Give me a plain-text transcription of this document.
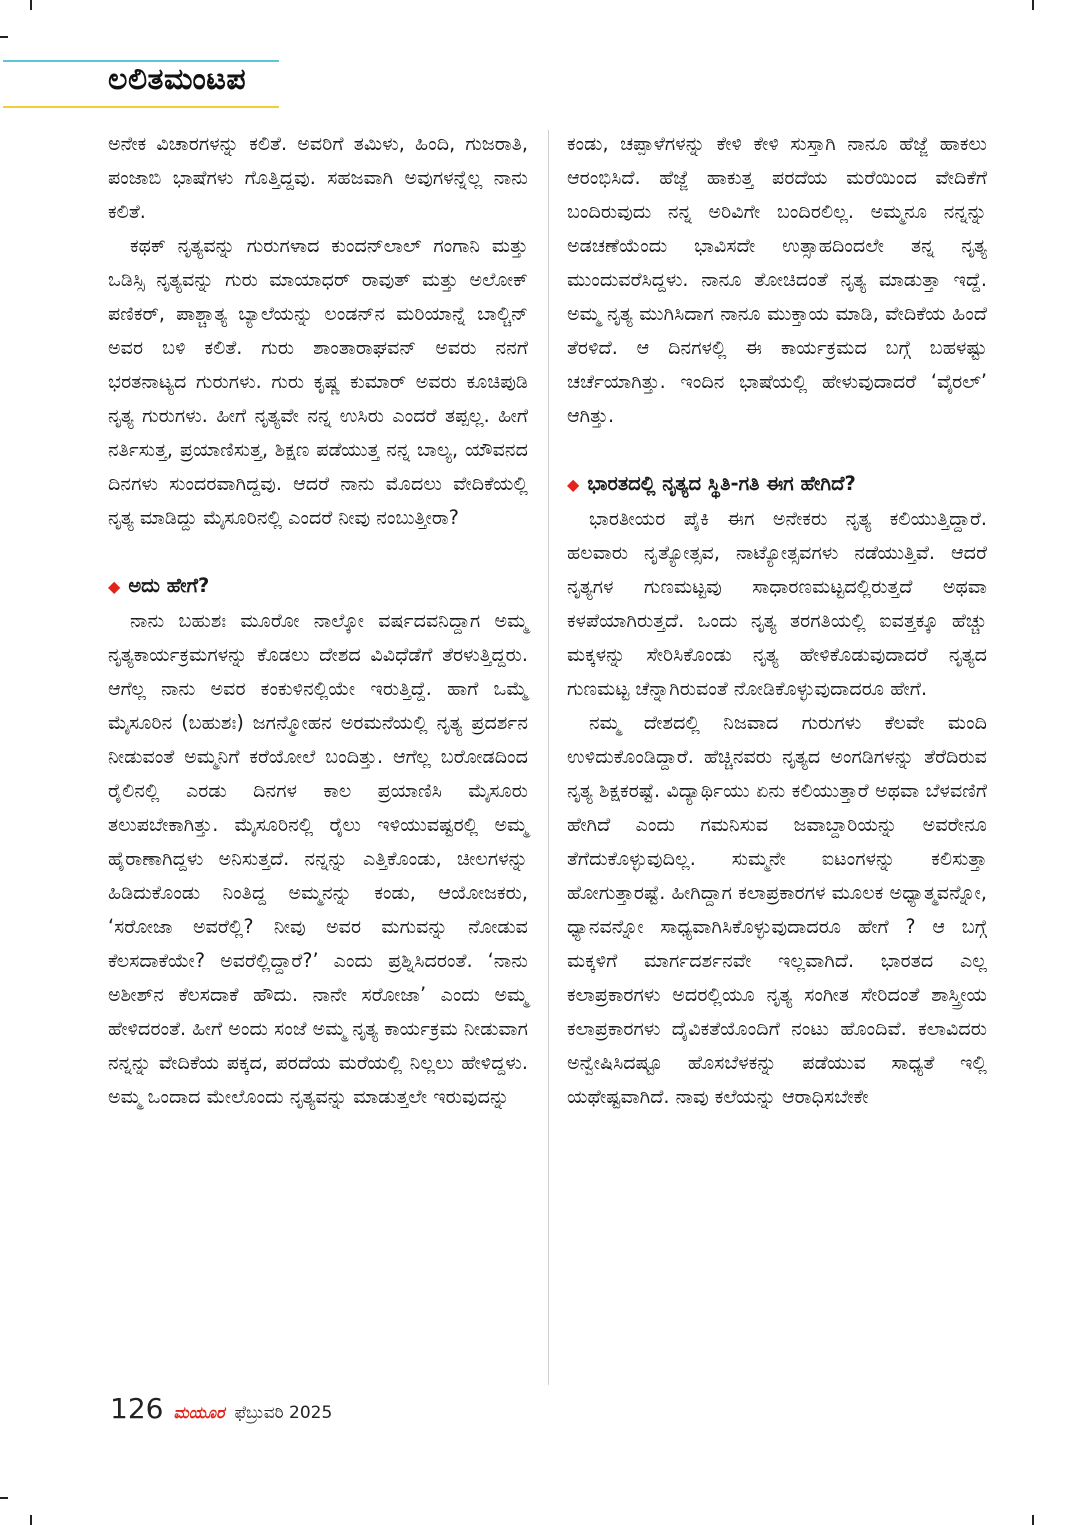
ಲಲಿತಮಂಟಪ

ಅನೇಕ ವಿಚಾರಗಳನ್ನು ಕಲಿತೆ. ಅವರಿಗೆ ತಮಿಳು, ಹಿಂದಿ, ಗುಜರಾತಿ, ಪಂಜಾಬಿ ಭಾಷೆಗಳು ಗೊತ್ತಿದ್ದವು. ಸಹಜವಾಗಿ ಅವುಗಳನ್ನೆಲ್ಲ ನಾನು ಕಲಿತೆ.

ಕಥಕ್ ನೃತ್ಯವನ್ನು ಗುರುಗಳಾದ ಕುಂದನ್‌ಲಾಲ್ ಗಂಗಾನಿ ಮತ್ತು ಒಡಿಸ್ಸಿ ನೃತ್ಯವನ್ನು ಗುರು ಮಾಯಾಧರ್ ರಾವುತ್ ಮತ್ತು ಅಲೋಕ್ ಪಣಿಕರ್, ಪಾಶ್ಚಾತ್ಯ ಬ್ಯಾಲೆಯನ್ನು ಲಂಡನ್‌ನ ಮರಿಯಾನ್ನೆ ಬಾಲ್ಚಿನ್ ಅವರ ಬಳಿ ಕಲಿತೆ. ಗುರು ಶಾಂತಾರಾಘವನ್ ಅವರು ನನಗೆ ಭರತನಾಟ್ಯದ ಗುರುಗಳು. ಗುರು ಕೃಷ್ಣ ಕುಮಾರ್ ಅವರು ಕೂಚಿಪುಡಿ ನೃತ್ಯ ಗುರುಗಳು. ಹೀಗೆ ನೃತ್ಯವೇ ನನ್ನ ಉಸಿರು ಎಂದರೆ ತಪ್ಪಲ್ಲ. ಹೀಗೆ ನರ್ತಿಸುತ್ತ, ಪ್ರಯಾಣಿಸುತ್ತ, ಶಿಕ್ಷಣ ಪಡೆಯುತ್ತ ನನ್ನ ಬಾಲ್ಯ, ಯೌವನದ ದಿನಗಳು ಸುಂದರವಾಗಿದ್ದವು. ಆದರೆ ನಾನು ಮೊದಲು ವೇದಿಕೆಯಲ್ಲಿ ನೃತ್ಯ ಮಾಡಿದ್ದು ಮೈಸೂರಿನಲ್ಲಿ ಎಂದರೆ ನೀವು ನಂಬುತ್ತೀರಾ?

◆ ಅದು ಹೇಗೆ?

ನಾನು ಬಹುಶಃ ಮೂರೋ ನಾಲ್ಕೋ ವರ್ಷದವನಿದ್ದಾಗ ಅಮ್ಮ ನೃತ್ಯಕಾರ್ಯಕ್ರಮಗಳನ್ನು ಕೊಡಲು ದೇಶದ ವಿವಿಧೆಡೆಗೆ ತೆರಳುತ್ತಿದ್ದರು. ಆಗೆಲ್ಲ ನಾನು ಅವರ ಕಂಕುಳಿನಲ್ಲಿಯೇ ಇರುತ್ತಿದ್ದೆ. ಹಾಗೆ ಒಮ್ಮೆ ಮೈಸೂರಿನ (ಬಹುಶಃ) ಜಗನ್ಮೋಹನ ಅರಮನೆಯಲ್ಲಿ ನೃತ್ಯ ಪ್ರದರ್ಶನ ನೀಡುವಂತೆ ಅಮ್ಮನಿಗೆ ಕರೆಯೋಲೆ ಬಂದಿತ್ತು. ಆಗೆಲ್ಲ ಬರೋಡದಿಂದ ರೈಲಿನಲ್ಲಿ ಎರಡು ದಿನಗಳ ಕಾಲ ಪ್ರಯಾಣಿಸಿ ಮೈಸೂರು ತಲುಪಬೇಕಾಗಿತ್ತು. ಮೈಸೂರಿನಲ್ಲಿ ರೈಲು ಇಳಿಯುವಷ್ಟರಲ್ಲಿ ಅಮ್ಮ ಹೈರಾಣಾಗಿದ್ದಳು ಅನಿಸುತ್ತದೆ. ನನ್ನನ್ನು ಎತ್ತಿಕೊಂಡು, ಚೀಲಗಳನ್ನು ಹಿಡಿದುಕೊಂಡು ನಿಂತಿದ್ದ ಅಮ್ಮನನ್ನು ಕಂಡು, ಆಯೋಜಕರು, ‘ಸರೋಜಾ ಅವರೆಲ್ಲಿ? ನೀವು ಅವರ ಮಗುವನ್ನು ನೋಡುವ ಕೆಲಸದಾಕೆಯೇ? ಅವರೆಲ್ಲಿದ್ದಾರೆ?’ ಎಂದು ಪ್ರಶ್ನಿಸಿದರಂತೆ. ‘ನಾನು ಅಶೀಶ್‌ನ ಕೆಲಸದಾಕೆ ಹೌದು. ನಾನೇ ಸರೋಜಾ’ ಎಂದು ಅಮ್ಮ ಹೇಳಿದರಂತೆ. ಹೀಗೆ ಅಂದು ಸಂಜೆ ಅಮ್ಮ ನೃತ್ಯ ಕಾರ್ಯಕ್ರಮ ನೀಡುವಾಗ ನನ್ನನ್ನು ವೇದಿಕೆಯ ಪಕ್ಕದ, ಪರದೆಯ ಮರೆಯಲ್ಲಿ ನಿಲ್ಲಲು ಹೇಳಿದ್ದಳು. ಅಮ್ಮ ಒಂದಾದ ಮೇಲೊಂದು ನೃತ್ಯವನ್ನು ಮಾಡುತ್ತಲೇ ಇರುವುದನ್ನು

ಕಂಡು, ಚಪ್ಪಾಳೆಗಳನ್ನು ಕೇಳಿ ಕೇಳಿ ಸುಸ್ತಾಗಿ ನಾನೂ ಹೆಜ್ಜೆ ಹಾಕಲು ಆರಂಭಿಸಿದೆ. ಹೆಜ್ಜೆ ಹಾಕುತ್ತ ಪರದೆಯ ಮರೆಯಿಂದ ವೇದಿಕೆಗೆ ಬಂದಿರುವುದು ನನ್ನ ಅರಿವಿಗೇ ಬಂದಿರಲಿಲ್ಲ. ಅಮ್ಮನೂ ನನ್ನನ್ನು ಅಡಚಣೆಯೆಂದು ಭಾವಿಸದೇ ಉತ್ಸಾಹದಿಂದಲೇ ತನ್ನ ನೃತ್ಯ ಮುಂದುವರೆಸಿದ್ದಳು. ನಾನೂ ತೋಚಿದಂತೆ ನೃತ್ಯ ಮಾಡುತ್ತಾ ಇದ್ದೆ. ಅಮ್ಮ ನೃತ್ಯ ಮುಗಿಸಿದಾಗ ನಾನೂ ಮುಕ್ತಾಯ ಮಾಡಿ, ವೇದಿಕೆಯ ಹಿಂದೆ ತೆರಳಿದೆ. ಆ ದಿನಗಳಲ್ಲಿ ಈ ಕಾರ್ಯಕ್ರಮದ ಬಗ್ಗೆ ಬಹಳಷ್ಟು ಚರ್ಚೆಯಾಗಿತ್ತು. ಇಂದಿನ ಭಾಷೆಯಲ್ಲಿ ಹೇಳುವುದಾದರೆ ‘ವೈರಲ್’ ಆಗಿತ್ತು.

◆ ಭಾರತದಲ್ಲಿ ನೃತ್ಯದ ಸ್ಥಿತಿ-ಗತಿ ಈಗ ಹೇಗಿದೆ?

ಭಾರತೀಯರ ಪೈಕಿ ಈಗ ಅನೇಕರು ನೃತ್ಯ ಕಲಿಯುತ್ತಿದ್ದಾರೆ. ಹಲವಾರು ನೃತ್ಯೋತ್ಸವ, ನಾಟ್ಯೋತ್ಸವಗಳು ನಡೆಯುತ್ತಿವೆ. ಆದರೆ ನೃತ್ಯಗಳ ಗುಣಮಟ್ಟವು ಸಾಧಾರಣಮಟ್ಟದಲ್ಲಿರುತ್ತದೆ ಅಥವಾ ಕಳಪೆಯಾಗಿರುತ್ತದೆ. ಒಂದು ನೃತ್ಯ ತರಗತಿಯಲ್ಲಿ ಐವತ್ತಕ್ಕೂ ಹೆಚ್ಚು ಮಕ್ಕಳನ್ನು ಸೇರಿಸಿಕೊಂಡು ನೃತ್ಯ ಹೇಳಿಕೊಡುವುದಾದರೆ ನೃತ್ಯದ ಗುಣಮಟ್ಟ ಚೆನ್ನಾಗಿರುವಂತೆ ನೋಡಿಕೊಳ್ಳುವುದಾದರೂ ಹೇಗೆ.

ನಮ್ಮ ದೇಶದಲ್ಲಿ ನಿಜವಾದ ಗುರುಗಳು ಕೆಲವೇ ಮಂದಿ ಉಳಿದುಕೊಂಡಿದ್ದಾರೆ. ಹೆಚ್ಚಿನವರು ನೃತ್ಯದ ಅಂಗಡಿಗಳನ್ನು ತೆರೆದಿರುವ ನೃತ್ಯ ಶಿಕ್ಷಕರಷ್ಟೆ. ವಿದ್ಯಾರ್ಥಿಯು ಏನು ಕಲಿಯುತ್ತಾರೆ ಅಥವಾ ಬೆಳವಣಿಗೆ ಹೇಗಿದೆ ಎಂದು ಗಮನಿಸುವ ಜವಾಬ್ದಾರಿಯನ್ನು ಅವರೇನೂ ತೆಗೆದುಕೊಳ್ಳುವುದಿಲ್ಲ. ಸುಮ್ಮನೇ ಐಟಂಗಳನ್ನು ಕಲಿಸುತ್ತಾ ಹೋಗುತ್ತಾರಷ್ಟೆ. ಹೀಗಿದ್ದಾಗ ಕಲಾಪ್ರಕಾರಗಳ ಮೂಲಕ ಅಧ್ಯಾತ್ಮವನ್ನೋ, ಧ್ಯಾನವನ್ನೋ ಸಾಧ್ಯವಾಗಿಸಿಕೊಳ್ಳುವುದಾದರೂ ಹೇಗೆ ? ಆ ಬಗ್ಗೆ ಮಕ್ಕಳಿಗೆ ಮಾರ್ಗದರ್ಶನವೇ ಇಲ್ಲವಾಗಿದೆ. ಭಾರತದ ಎಲ್ಲ ಕಲಾಪ್ರಕಾರಗಳು ಅದರಲ್ಲಿಯೂ ನೃತ್ಯ ಸಂಗೀತ ಸೇರಿದಂತೆ ಶಾಸ್ತ್ರೀಯ ಕಲಾಪ್ರಕಾರಗಳು ದೈವಿಕತೆಯೊಂದಿಗೆ ನಂಟು ಹೊಂದಿವೆ. ಕಲಾವಿದರು ಅನ್ವೇಷಿಸಿದಷ್ಟೂ ಹೊಸಬೆಳಕನ್ನು ಪಡೆಯುವ ಸಾಧ್ಯತೆ ಇಲ್ಲಿ ಯಥೇಷ್ಟವಾಗಿದೆ. ನಾವು ಕಲೆಯನ್ನು ಆರಾಧಿಸಬೇಕೇ

126 ಮಯೂರ ಫೆಬ್ರುವರಿ 2025
